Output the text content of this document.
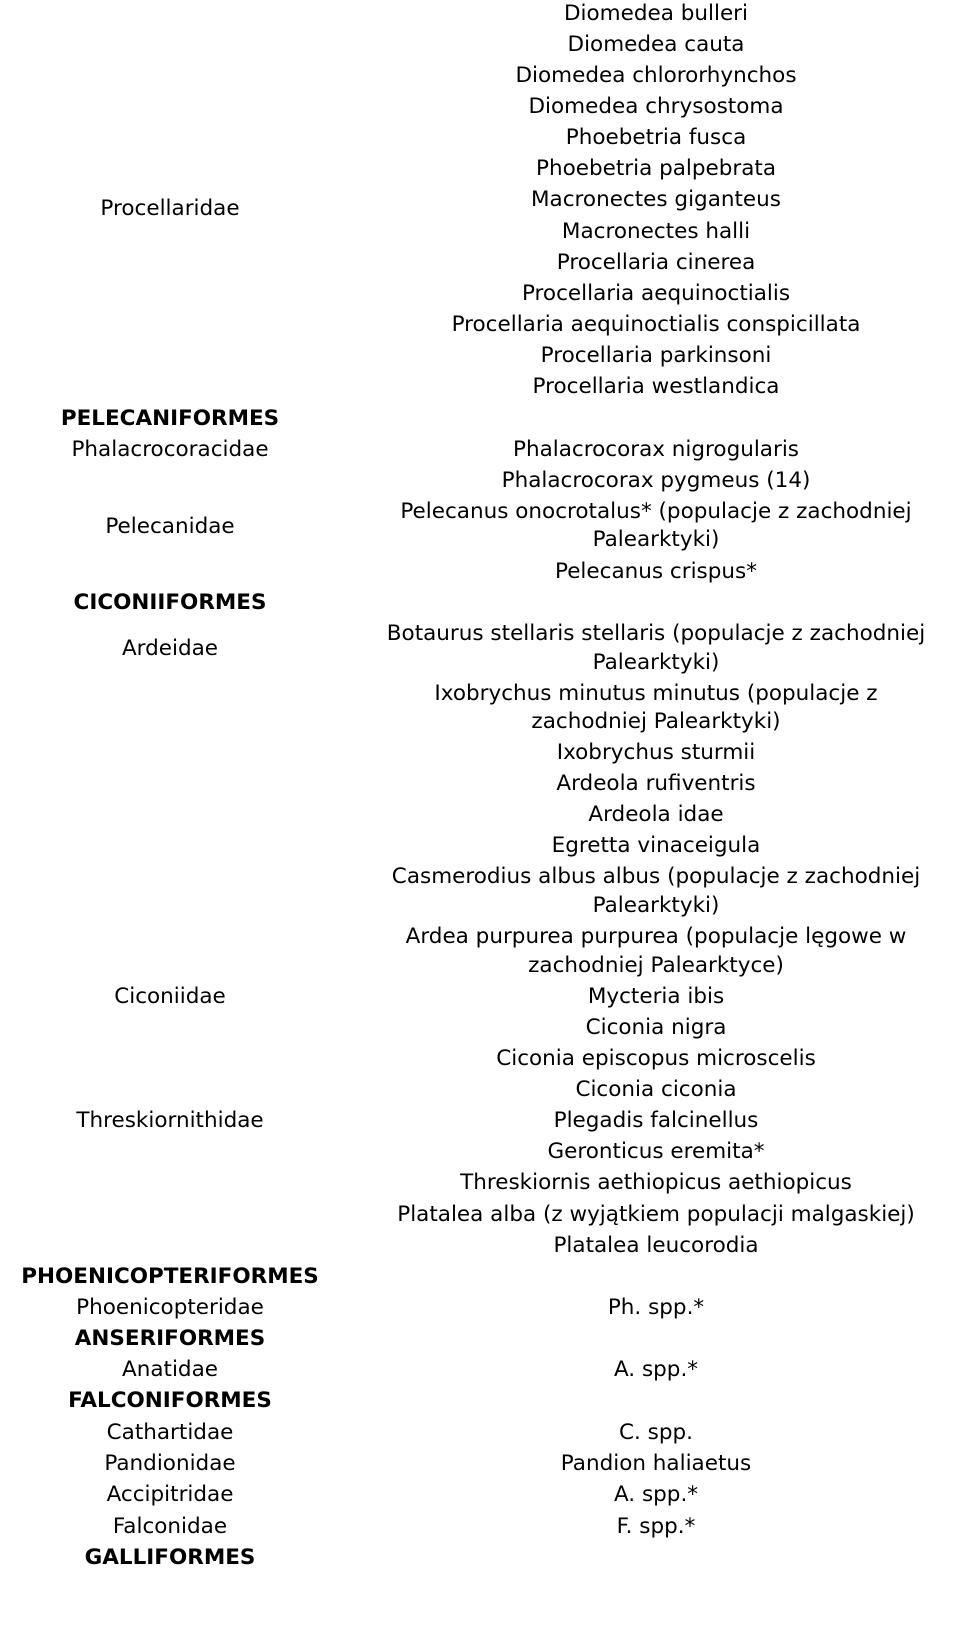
Procellaridae
PELECANIFORMES
Phalacrocoracidae
Pelecanidae
CICONIIFORMES
Ardeidae
Ciconiidae
Threskiornithidae
PHOENICOPTERIFORMES
Phoenicopteridae
ANSERIFORMES
Anatidae
FALCONIFORMES
Cathartidae
Pandionidae
Accipitridae
Falconidae
GALLIFORMES
Diomedea bulleri
Diomedea cauta
Diomedea chlororhynchos
Diomedea chrysostoma
Phoebetria fusca
Phoebetria palpebrata
Macronectes giganteus
Macronectes halli
Procellaria cinerea
Procellaria aequinoctialis
Procellaria aequinoctialis conspicillata
Procellaria parkinsoni
Procellaria westlandica
Phalacrocorax nigrogularis
Phalacrocorax pygmeus (14)
Pelecanus onocrotalus* (populacje z zachodniej
Palearktyki)
Pelecanus crispus*
Botaurus stellaris stellaris (populacje z zachodniej
Palearktyki)
Ixobrychus minutus minutus (populacje z
zachodniej Palearktyki)
Ixobrychus sturmii
Ardeola rufiventris
Ardeola idae
Egretta vinaceigula
Casmerodius albus albus (populacje z zachodniej
Palearktyki)
Ardea purpurea purpurea (populacje lęgowe w
zachodniej Palearktyce)
Mycteria ibis
Ciconia nigra
Ciconia episcopus microscelis
Ciconia ciconia
Plegadis falcinellus
Geronticus eremita*
Threskiornis aethiopicus aethiopicus
Platalea alba (z wyjątkiem populacji malgaskiej)
Platalea leucorodia
Ph. spp.*
A. spp.*
C. spp.
Pandion haliaetus
A. spp.*
F. spp.*
